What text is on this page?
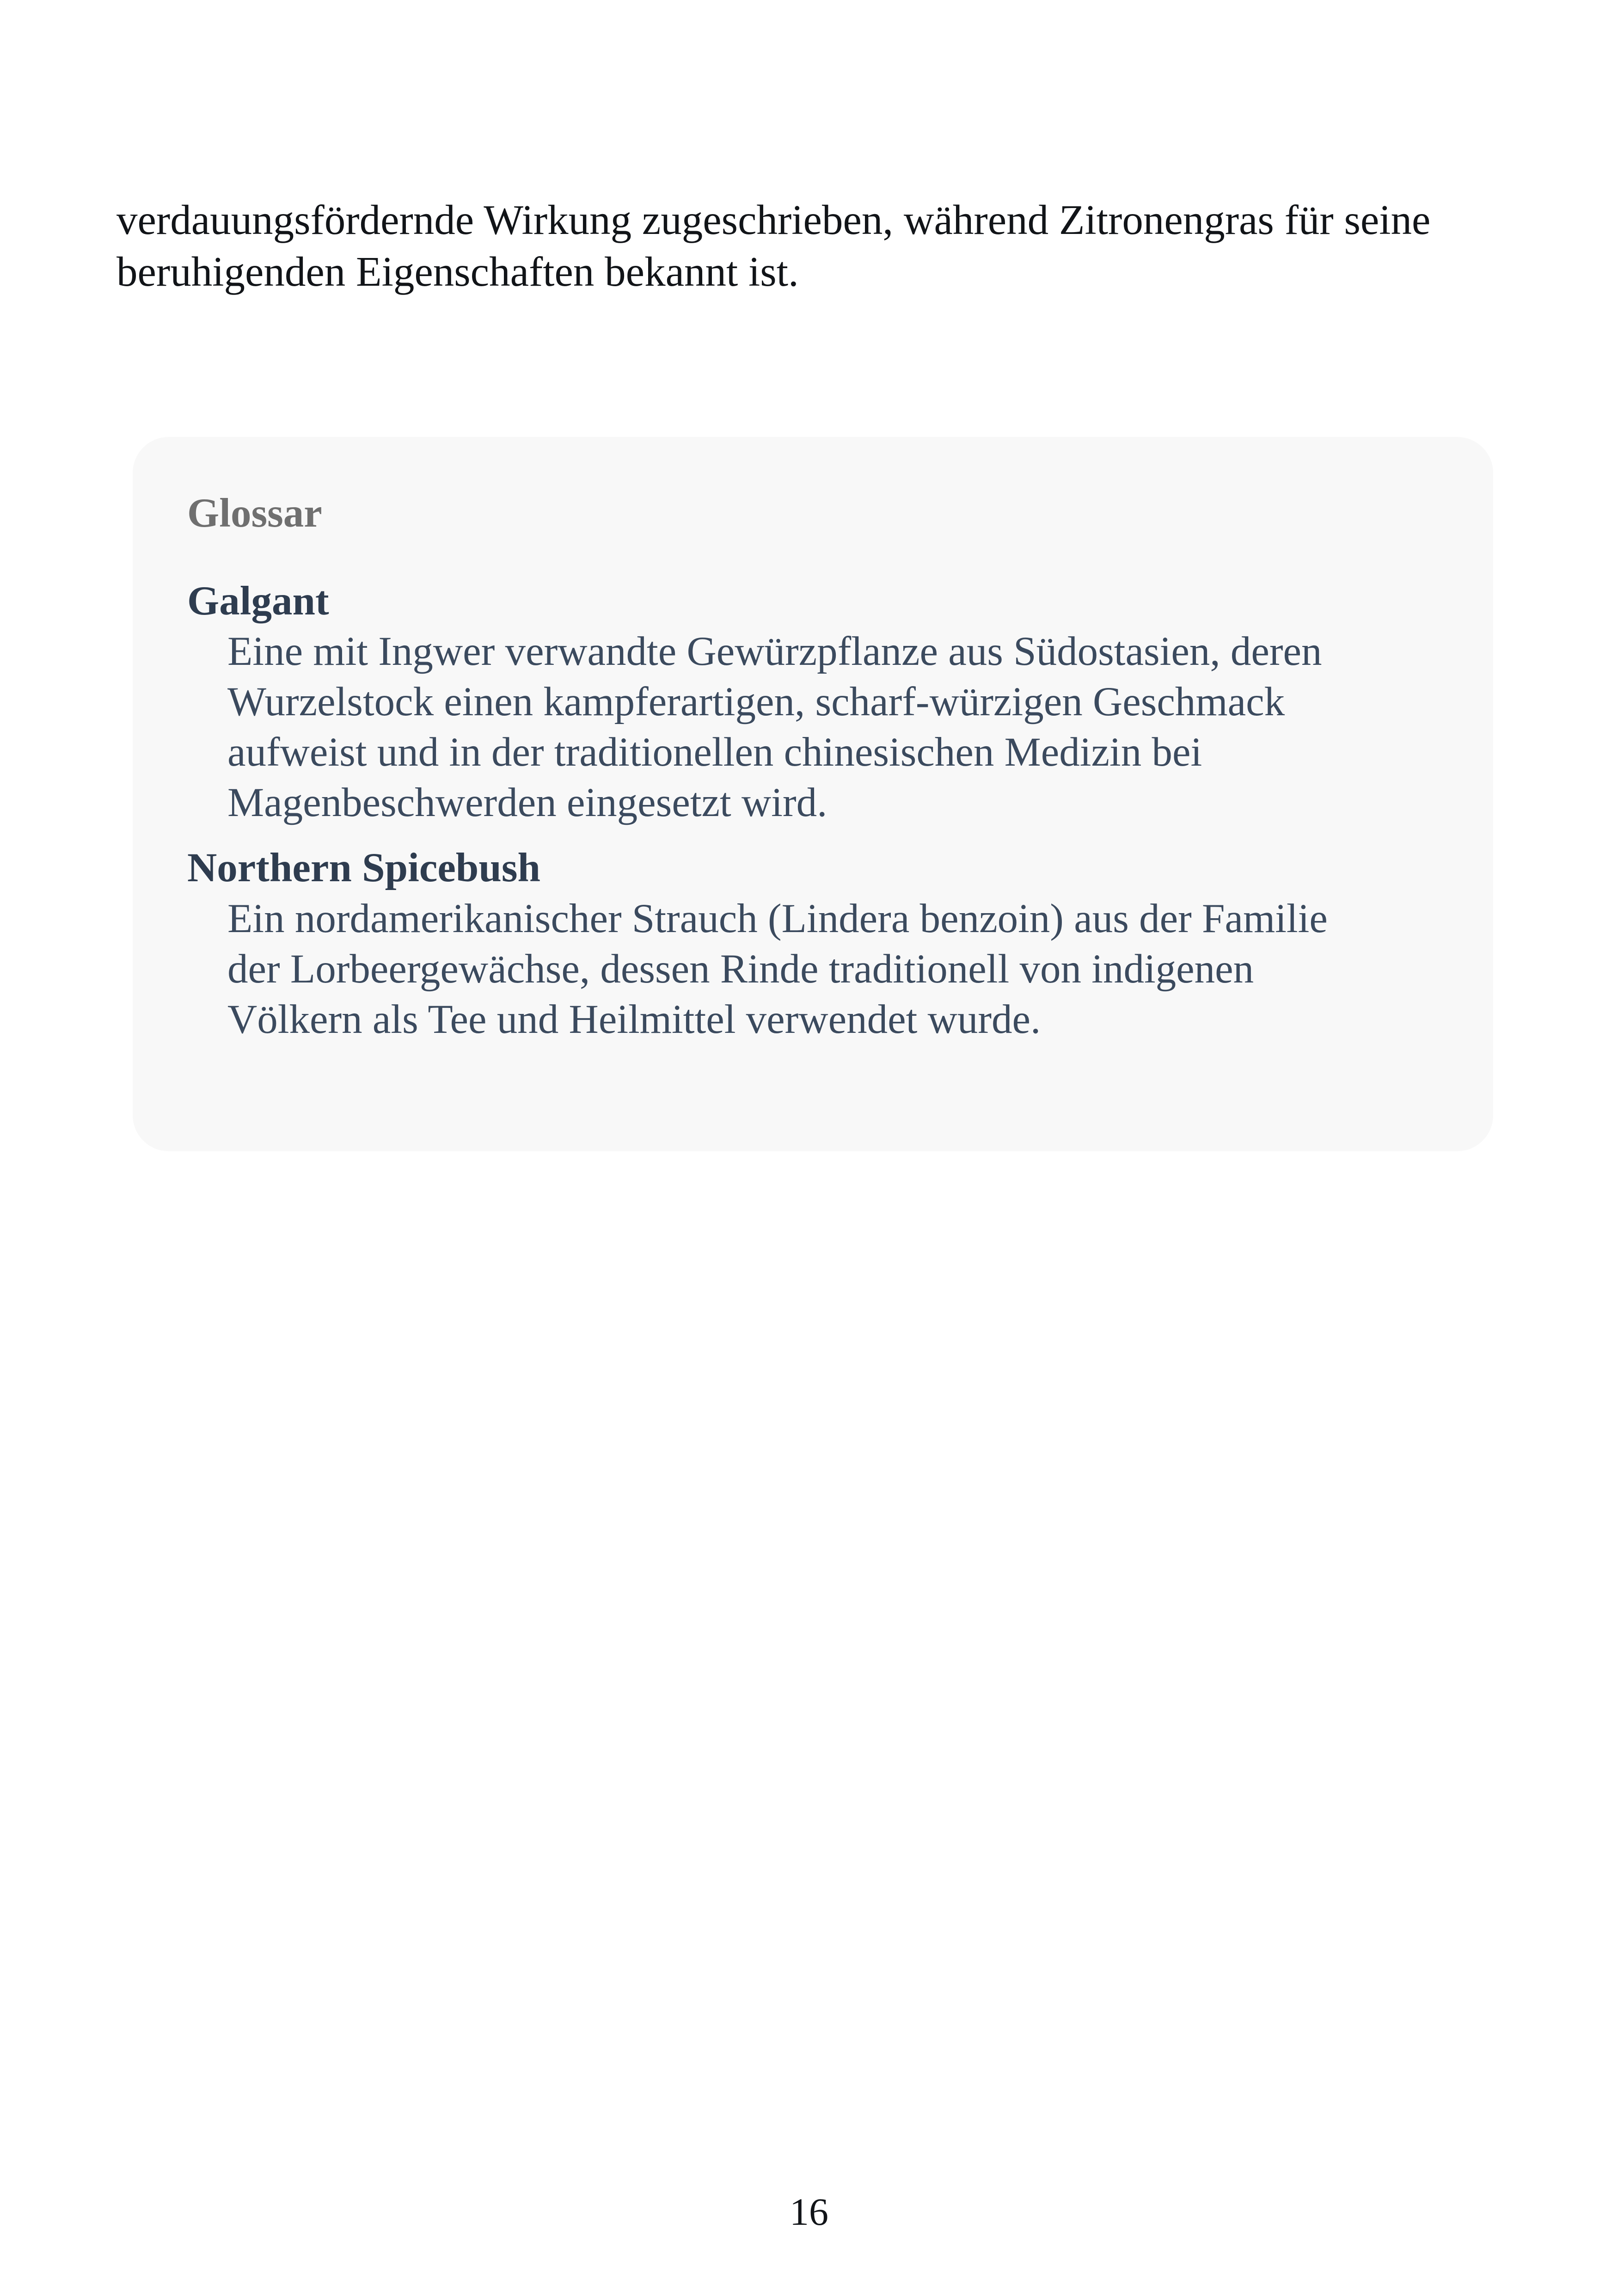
verdauungsfördernde Wirkung zugeschrieben, während Zitronengras für seine
beruhigenden Eigenschaften bekannt ist.

Glossar
Galgant

Eine mit Ingwer verwandte Gewürzpflanze aus Südostasien, deren
Wurzelstock einen kampferartigen, scharf-würzigen Geschmack
aufweist und in der traditionellen chinesischen Medizin bei
Magenbeschwerden eingesetzt wird.

Northern Spicebush

Ein nordamerikanischer Strauch (Lindera benzoin) aus der Familie
der Lorbeergewächse, dessen Rinde traditionell von indigenen
Völkern als Tee und Heilmittel verwendet wurde.

16
